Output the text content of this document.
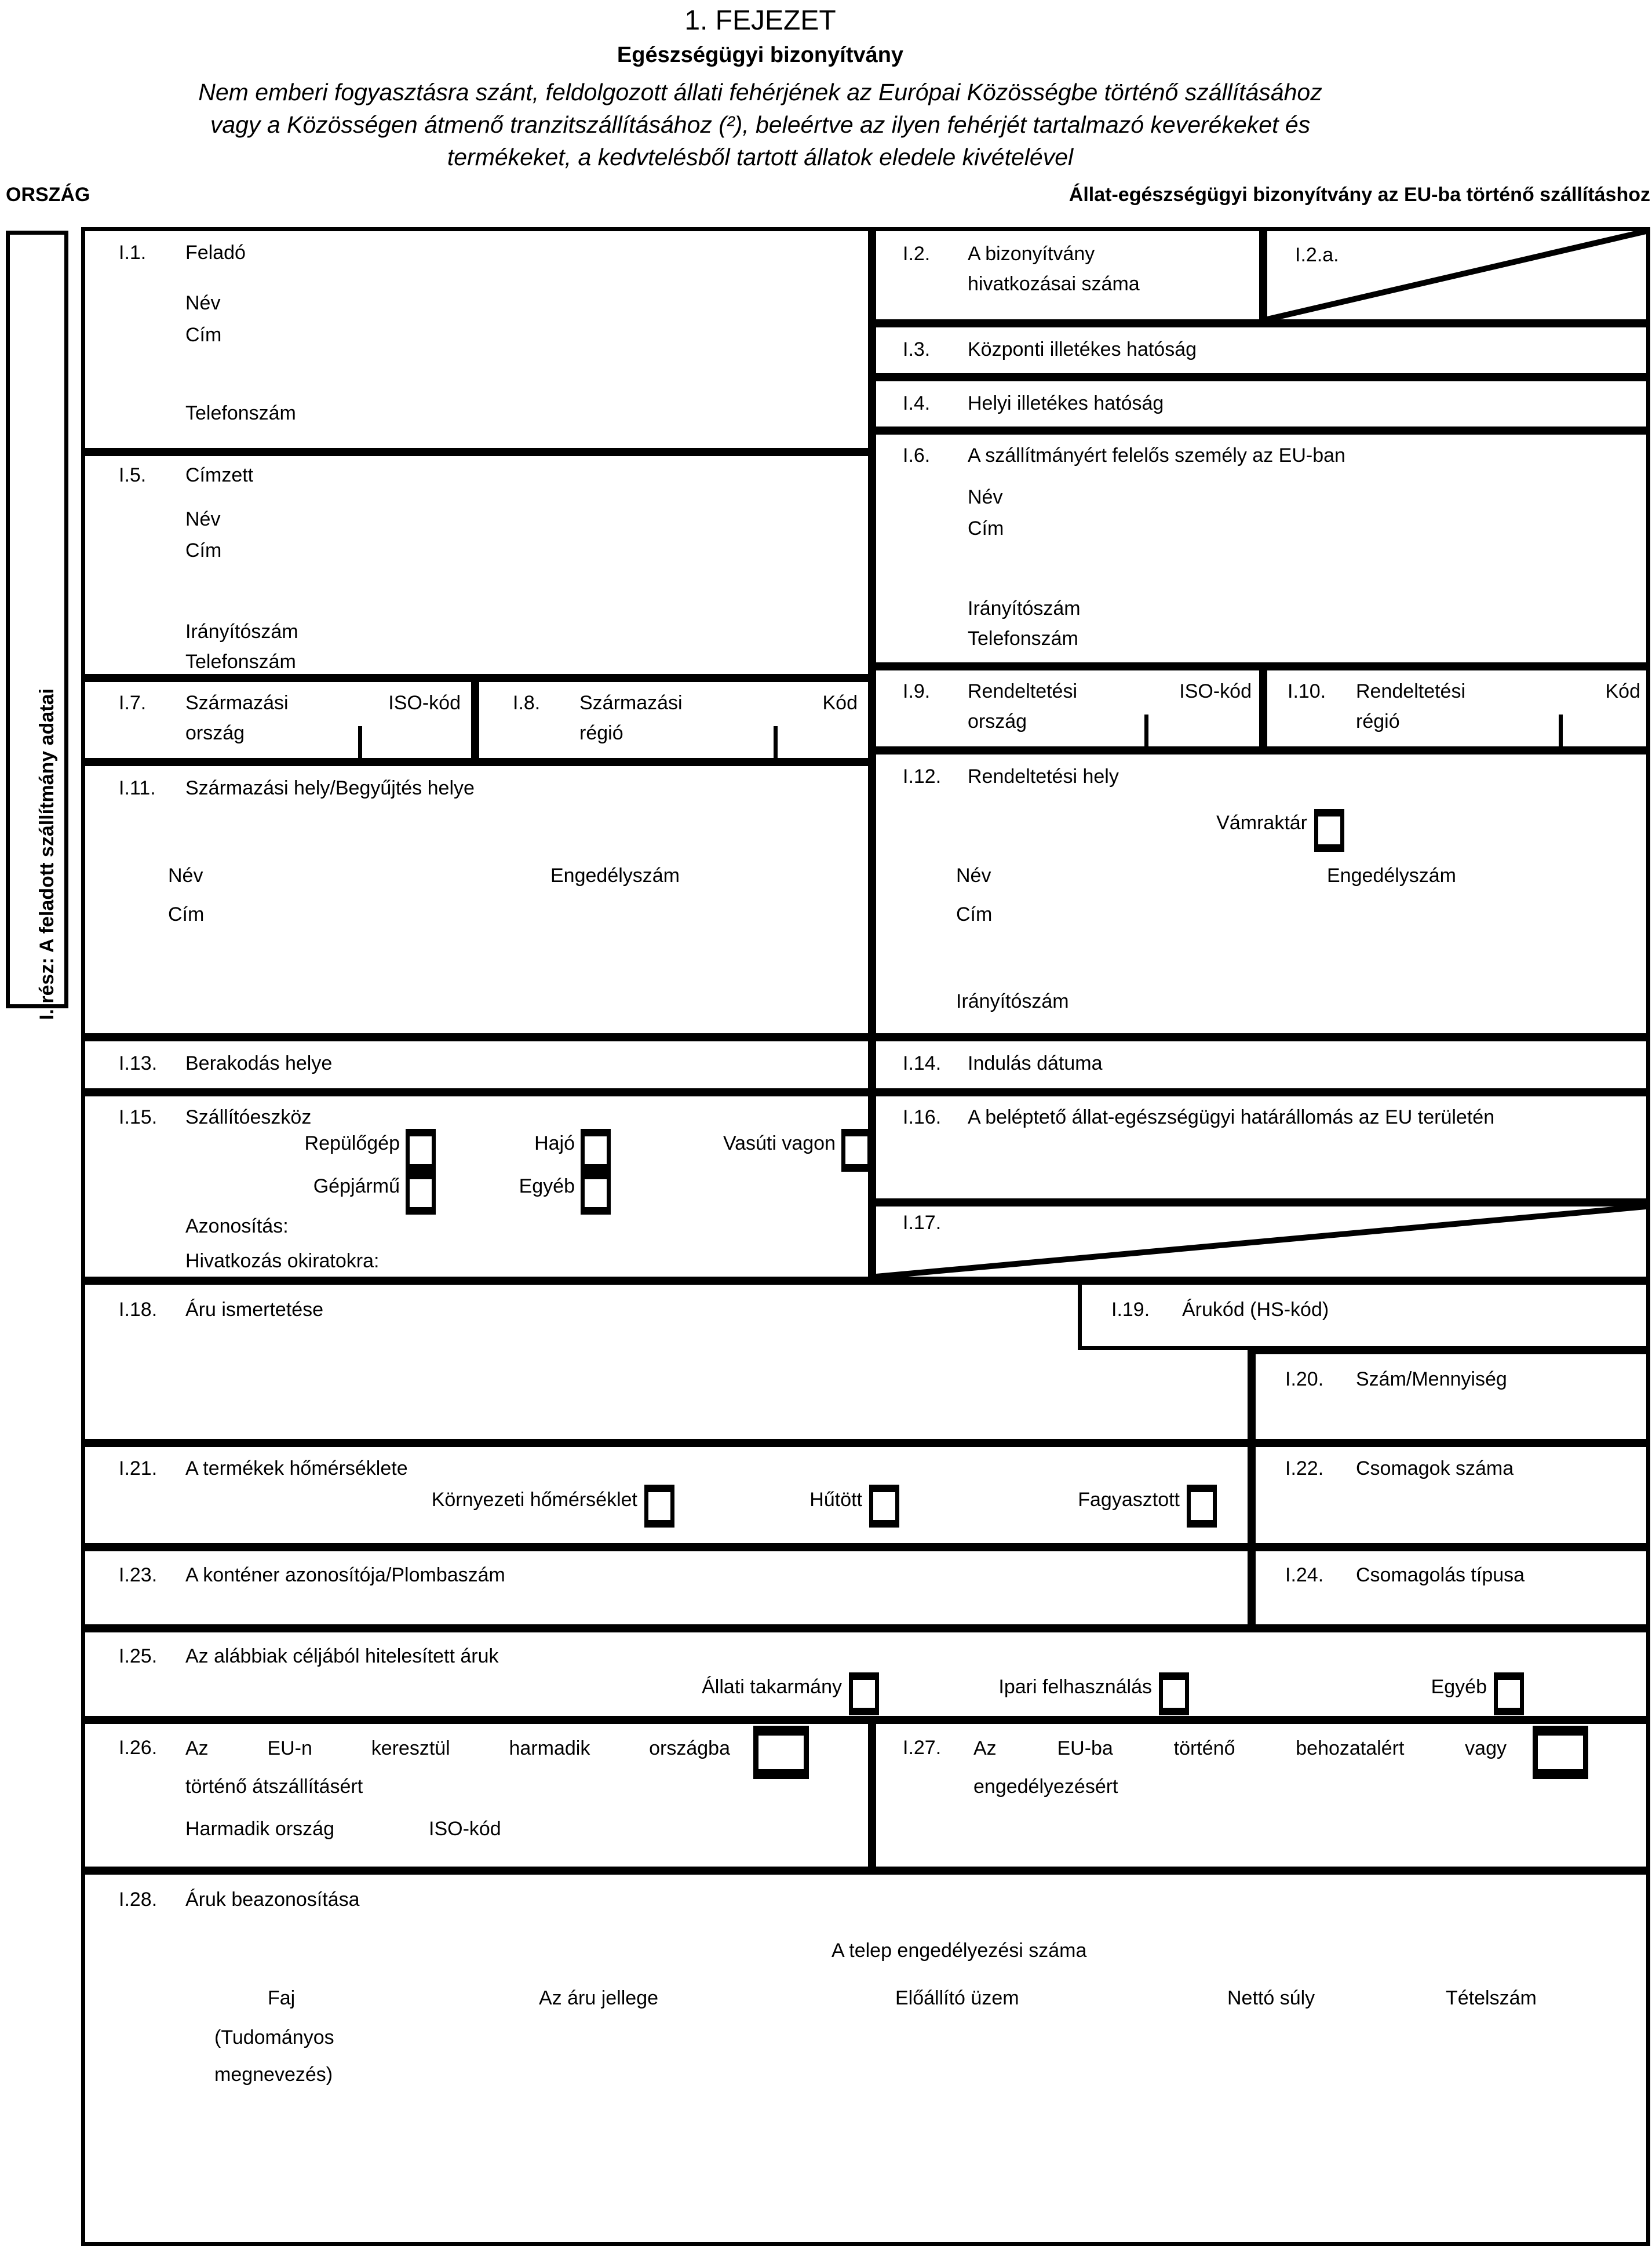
1. FEJEZET
Egészségügyi bizonyítvány
Nem emberi fogyasztásra szánt, feldolgozott állati fehérjének az Európai Közösségbe történő szállításához
vagy a Közösségen átmenő tranzitszállításához (²), beleértve az ilyen fehérjét tartalmazó keverékeket és
termékeket, a kedvtelésből tartott állatok eledele kivételével
ORSZÁG	Állat-egészségügyi bizonyítvány az EU-ba történő szállításhoz
I. rész: A feladott szállítmány adatai
I.1. Feladó
Név
Cím
Telefonszám
I.2. A bizonyítvány
hivatkozásai száma
I.2.a.
I.3. Központi illetékes hatóság
I.4. Helyi illetékes hatóság
I.5. Címzett
Név
Cím
Irányítószám
Telefonszám
I.6. A szállítmányért felelős személy az EU-ban
Név
Cím
Irányítószám
Telefonszám
I.7. Származási	ISO-kód
ország
I.8. Származási	Kód
régió
I.9. Rendeltetési	ISO-kód
ország
I.10. Rendeltetési	Kód
régió
I.11. Származási hely/Begyűjtés helye
Név	Engedélyszám
Cím
I.12. Rendeltetési hely
Vámraktár
Név	Engedélyszám
Cím
Irányítószám
I.13. Berakodás helye	I.14. Indulás dátuma
I.15. Szállítóeszköz
Repülőgép	Hajó	Vasúti vagon
Gépjármű	Egyéb
Azonosítás:
Hivatkozás okiratokra:
I.16. A beléptető állat-egészségügyi határállomás az EU területén
I.17.
I.18. Áru ismertetése	I.19. Árukód (HS-kód)
I.20. Szám/Mennyiség
I.21. A termékek hőmérséklete
Környezeti hőmérséklet	Hűtött	Fagyasztott
I.22. Csomagok száma
I.23. A konténer azonosítója/Plombaszám	I.24. Csomagolás típusa
I.25. Az alábbiak céljából hitelesített áruk
Állati takarmány	Ipari felhasználás	Egyéb
I.26. Az EU-n keresztül harmadik országba
történő átszállításért
Harmadik ország	ISO-kód
I.27. Az EU-ba történő behozatalért vagy
engedélyezésért
I.28. Áruk beazonosítása
A telep engedélyezési száma
Faj	Az áru jellege	Előállító üzem	Nettó súly	Tételszám
(Tudományos
megnevezés)
